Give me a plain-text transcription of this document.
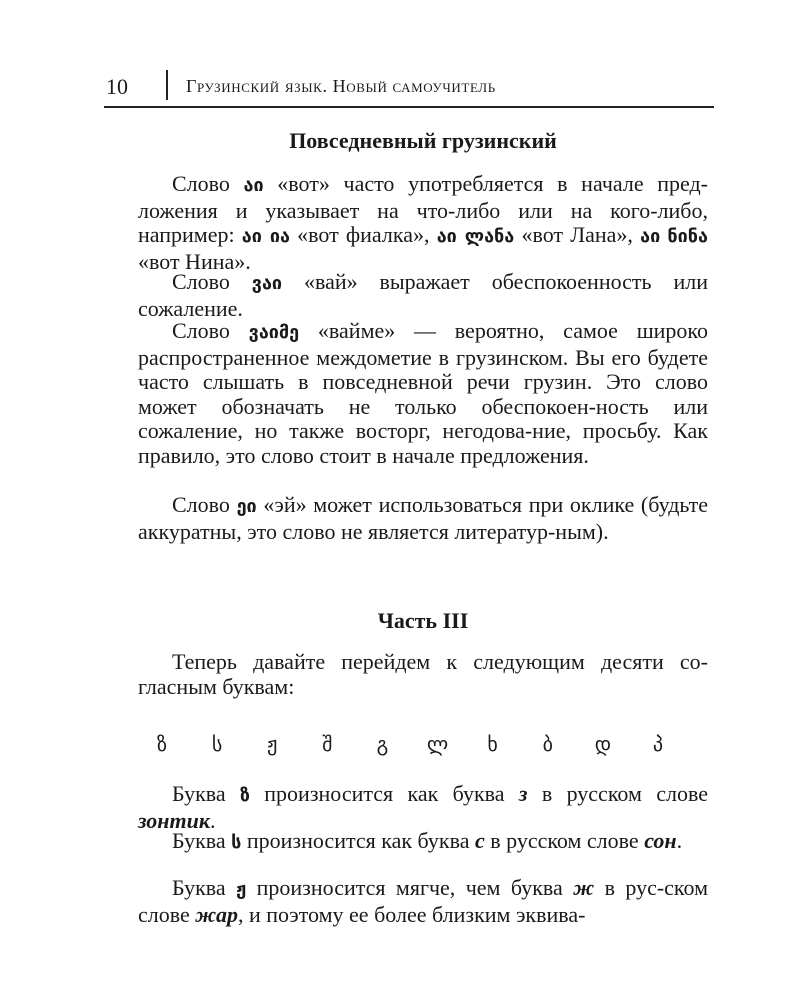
10	Грузинский язык. Новый самоучитель
Повседневный грузинский

Слово აი «вот» часто употребляется в начале пред-ложения и указывает на что-либо или на кого-либо, например: აი ია «вот фиалка», აი ლანა «вот Лана», აი ნინა «вот Нина».

Слово ვაი «вай» выражает обеспокоенность или сожаление.

Слово ვაიმე «вайме» — вероятно, самое широко распространенное междометие в грузинском. Вы его будете часто слышать в повседневной речи грузин. Это слово может обозначать не только обеспокоен-ность или сожаление, но также восторг, негодова-ние, просьбу. Как правило, это слово стоит в начале предложения.

Слово ეი «эй» может использоваться при оклике (будьте аккуратны, это слово не является литератур-ным).

Часть III

Теперь давайте перейдем к следующим десяти со-гласным буквам:

ზ	ს	ჟ	შ	გ	ლ	ხ	ბ	დ	პ

Буква ზ произносится как буква з в русском слове зонтик.

Буква ს произносится как буква с в русском слове сон.

Буква ჟ произносится мягче, чем буква ж в рус-ском слове жар, и поэтому ее более близким эквива-
